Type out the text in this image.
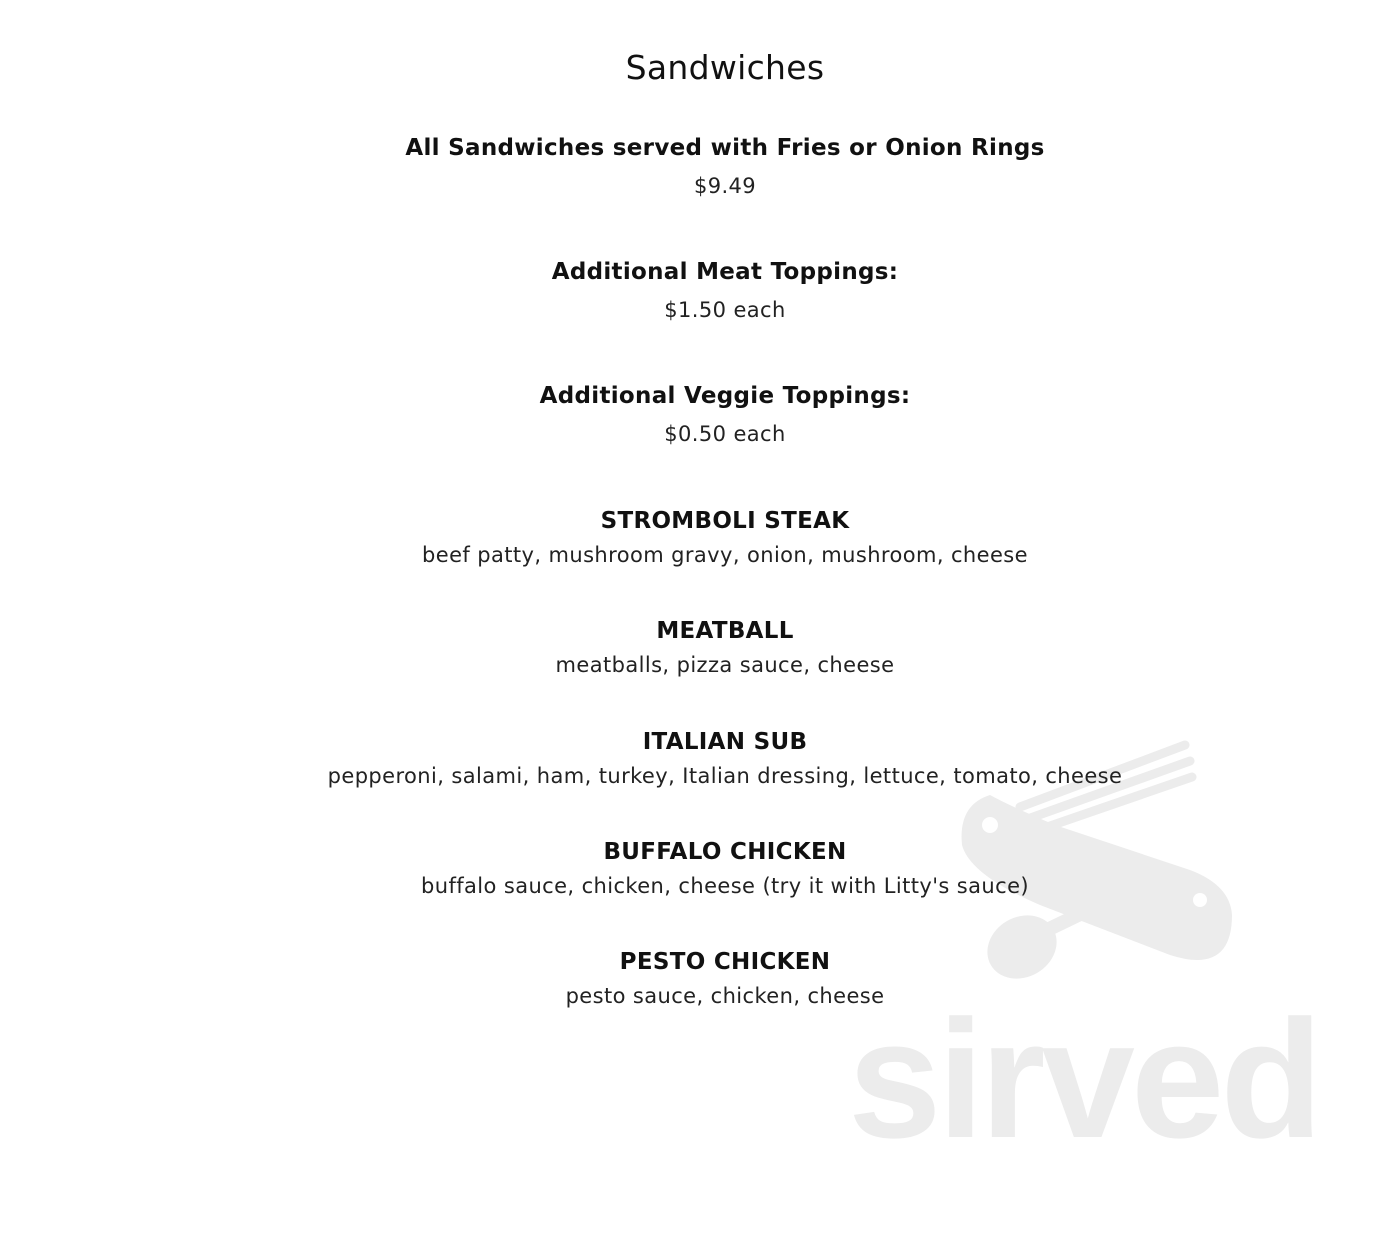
sirved
Sandwiches
All Sandwiches served with Fries or Onion Rings
$9.49
Additional Meat Toppings:
$1.50 each
Additional Veggie Toppings:
$0.50 each
STROMBOLI STEAK
beef patty, mushroom gravy, onion, mushroom, cheese
MEATBALL
meatballs, pizza sauce, cheese
ITALIAN SUB
pepperoni, salami, ham, turkey, Italian dressing, lettuce, tomato, cheese
BUFFALO CHICKEN
buffalo sauce, chicken, cheese (try it with Litty's sauce)
PESTO CHICKEN
pesto sauce, chicken, cheese
